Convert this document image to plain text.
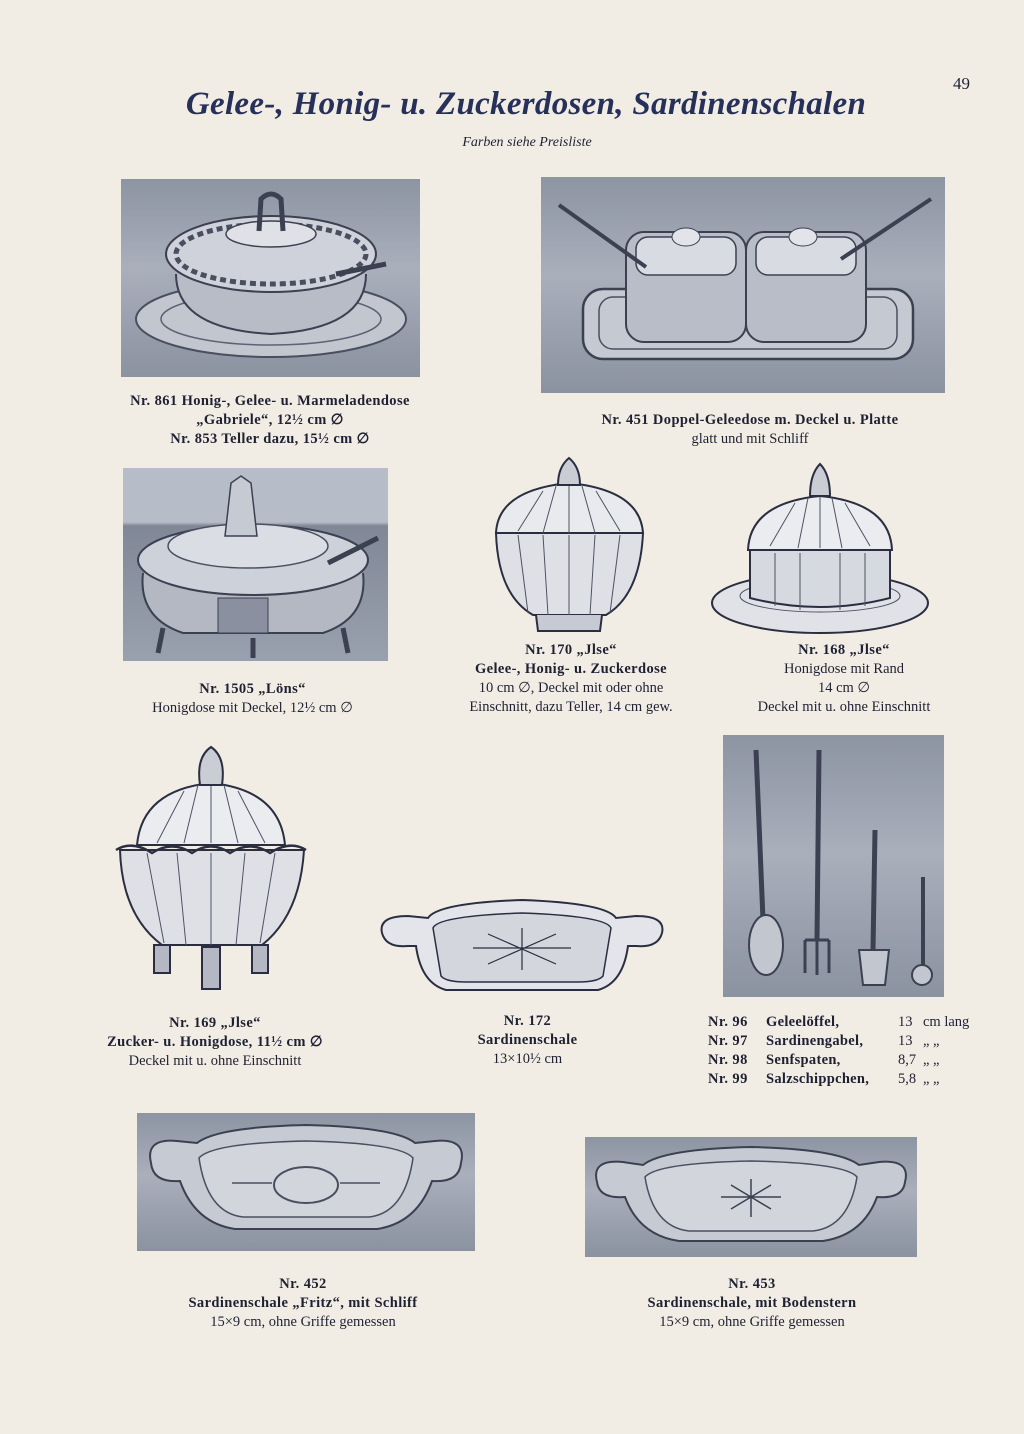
49
Gelee-, Honig- u. Zuckerdosen, Sardinenschalen
Farben siehe Preisliste
Nr. 861 Honig-, Gelee- u. Marmeladendose
„Gabriele“, 12½ cm ∅
Nr. 853 Teller dazu, 15½ cm ∅
Nr. 451 Doppel-Geleedose m. Deckel u. Platte
glatt und mit Schliff
Nr. 1505 „Löns“
Honigdose mit Deckel, 12½ cm ∅
Nr. 170 „Jlse“
Gelee-, Honig- u. Zuckerdose
10 cm ∅, Deckel mit oder ohne
Einschnitt, dazu Teller, 14 cm gew.
Nr. 168 „Jlse“
Honigdose mit Rand
14 cm ∅
Deckel mit u. ohne Einschnitt
Nr. 169 „Jlse“
Zucker- u. Honigdose, 11½ cm ∅
Deckel mit u. ohne Einschnitt
Nr. 172
Sardinenschale
13×10½ cm
Nr. 96 Geleelöffel,	13 cm lang
Nr. 97 Sardinengabel, 13 „ „
Nr. 98 Senfspaten,	8,7 „ „
Nr. 99 Salzschippchen, 5,8 „ „
Nr. 452
Sardinenschale „Fritz“, mit Schliff
15×9 cm, ohne Griffe gemessen
Nr. 453
Sardinenschale, mit Bodenstern
15×9 cm, ohne Griffe gemessen
